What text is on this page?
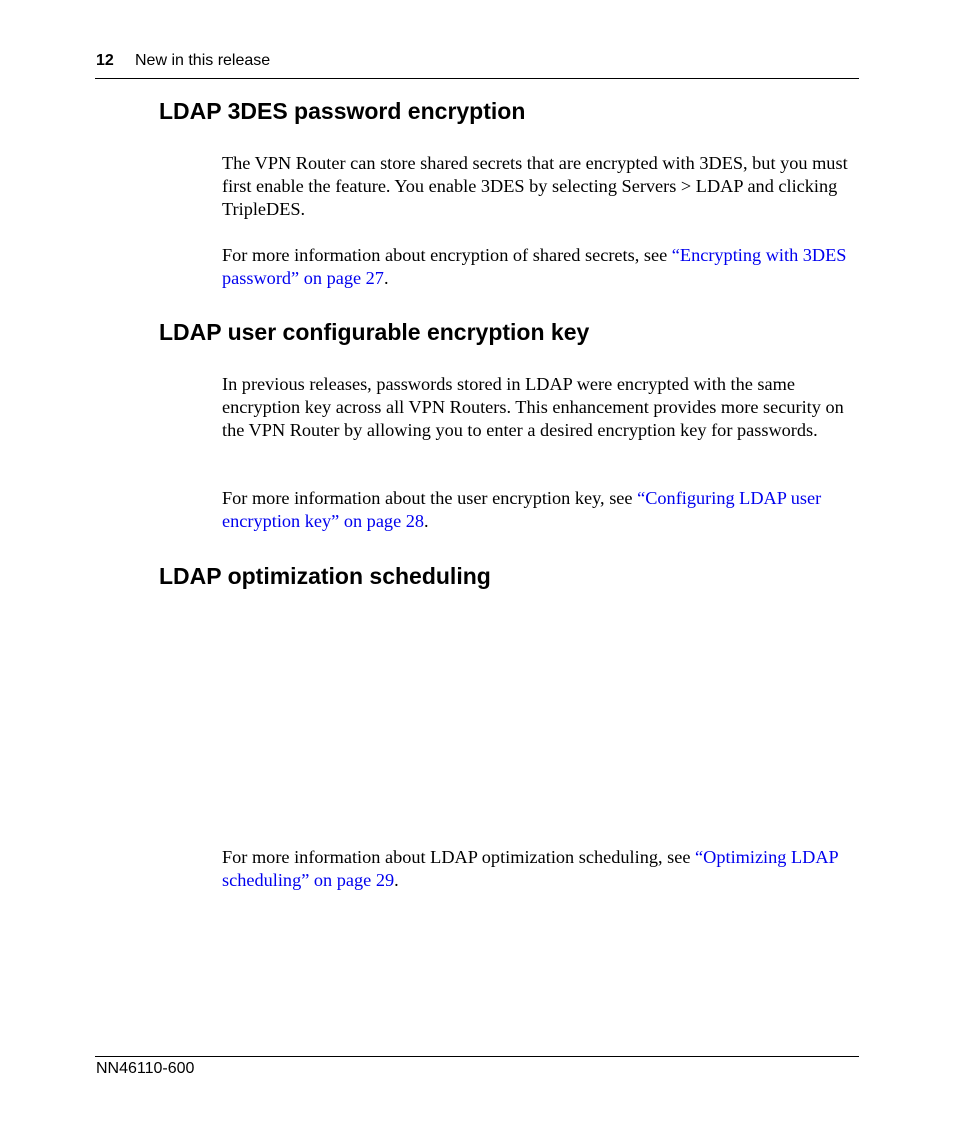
12 New in this release
LDAP 3DES password encryption

The VPN Router can store shared secrets that are encrypted with 3DES, but you must first enable the feature. You enable 3DES by selecting Servers > LDAP and clicking TripleDES.

For more information about encryption of shared secrets, see “Encrypting with 3DES password” on page 27.

LDAP user configurable encryption key

In previous releases, passwords stored in LDAP were encrypted with the same encryption key across all VPN Routers. This enhancement provides more security on the VPN Router by allowing you to enter a desired encryption key for passwords.

For more information about the user encryption key, see “Configuring LDAP user encryption key” on page 28.

LDAP optimization scheduling

For more information about LDAP optimization scheduling, see “Optimizing LDAP scheduling” on page 29.

NN46110-600
